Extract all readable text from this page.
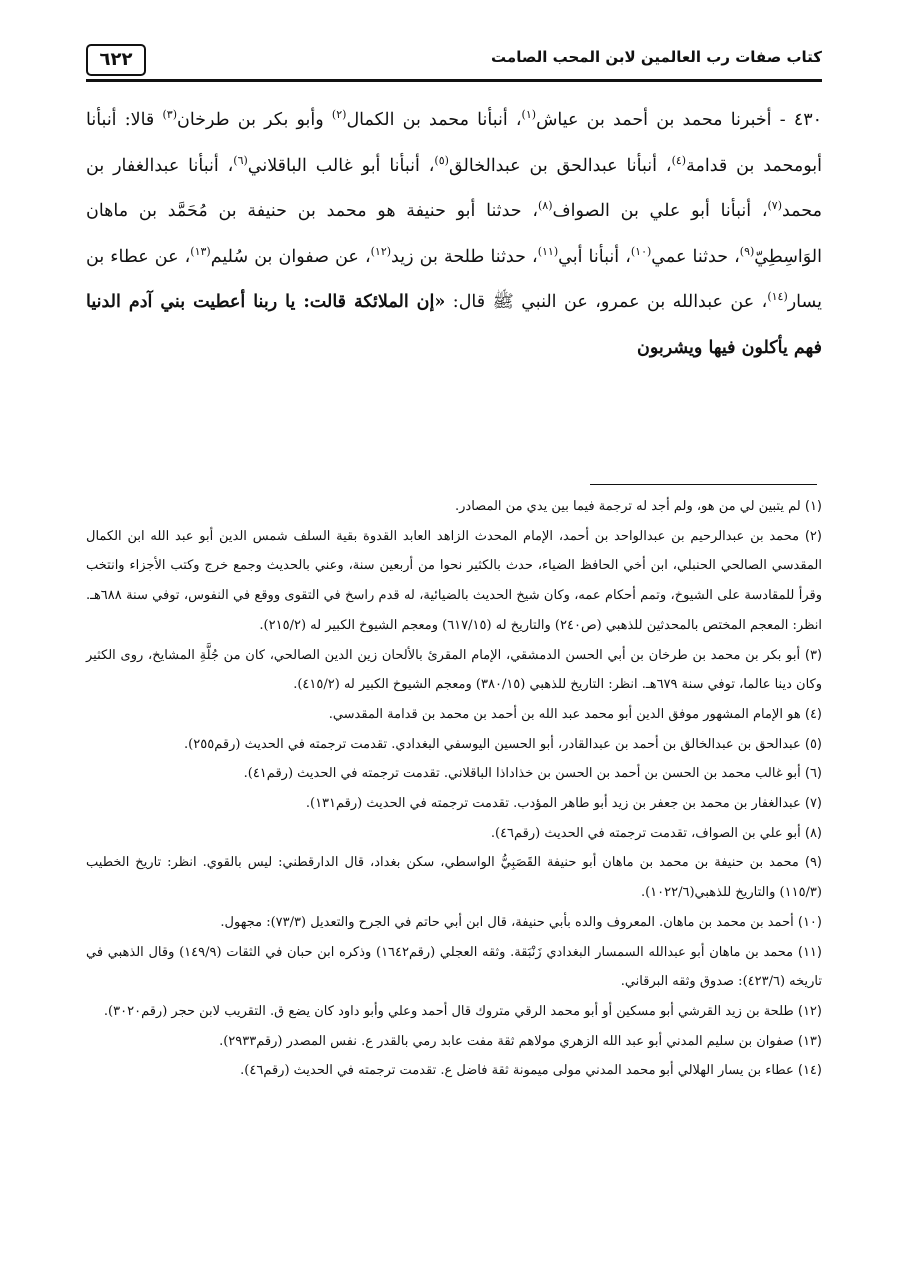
٦٢٢	كتاب صفات رب العالمين لابن المحب الصامت

٤٣٠ - أخبرنا محمد بن أحمد بن عياش$^{(١)}$، أنبأنا محمد بن الكمال$^{(٢)}$ وأبو بكر بن طرخان$^{(٣)}$ قالا: أنبأنا أبومحمد بن قدامة$^{(٤)}$، أنبأنا عبدالحق بن عبدالخالق$^{(٥)}$، أنبأنا أبو غالب الباقلاني$^{(٦)}$، أنبأنا عبدالغفار بن محمد$^{(٧)}$، أنبأنا أبو علي بن الصواف$^{(٨)}$، حدثنا أبو حنيفة هو محمد بن حنيفة بن مُحَمَّد بن ماهان الوَاسِطِيّ$^{(٩)}$، حدثنا عمي$^{(١٠)}$، أنبأنا أبي$^{(١١)}$، حدثنا طلحة بن زيد$^{(١٢)}$، عن صفوان بن سُليم$^{(١٣)}$، عن عطاء بن يسار$^{(١٤)}$، عن عبدالله بن عمرو، عن النبي ﷺ قال: «إن الملائكة قالت: يا ربنا أعطيت بني آدم الدنيا فهم يأكلون فيها ويشربون

(١) لم يتبين لي من هو، ولم أجد له ترجمة فيما بين يدي من المصادر.

(٢) محمد بن عبدالرحيم بن عبدالواحد بن أحمد، الإمام المحدث الزاهد العابد القدوة بقية السلف شمس الدين أبو عبد الله ابن الكمال المقدسي الصالحي الحنبلي، ابن أخي الحافظ الضياء، حدث بالكثير نحوا من أربعين سنة، وعني بالحديث وجمع خرج وكتب الأجزاء وانتخب وقرأ للمقادسة على الشيوخ، وتمم أحكام عمه، وكان شيخ الحديث بالضيائية، له قدم راسخ في التقوى ووقع في النفوس، توفي سنة ٦٨٨هـ. انظر: المعجم المختص بالمحدثين للذهبي (ص٢٤٠) والتاريخ له (٦١٧/١٥) ومعجم الشيوخ الكبير له (٢١٥/٢).

(٣) أبو بكر بن محمد بن طرخان بن أبي الحسن الدمشقي، الإمام المقرئ بالألحان زين الدين الصالحي، كان من جُلَّةِ المشايخ، روى الكثير وكان دينا عالما، توفي سنة ٦٧٩هـ. انظر: التاريخ للذهبي (٣٨٠/١٥) ومعجم الشيوخ الكبير له (٤١٥/٢).

(٤) هو الإمام المشهور موفق الدين أبو محمد عبد الله بن أحمد بن محمد بن قدامة المقدسي.

(٥) عبدالحق بن عبدالخالق بن أحمد بن عبدالقادر، أبو الحسين اليوسفي البغدادي. تقدمت ترجمته في الحديث (رقم٢٥٥).

(٦) أبو غالب محمد بن الحسن بن أحمد بن الحسن بن خذاداذا الباقلاني. تقدمت ترجمته في الحديث (رقم٤١).

(٧) عبدالغفار بن محمد بن جعفر بن زيد أبو طاهر المؤدب. تقدمت ترجمته في الحديث (رقم١٣١).

(٨) أبو علي بن الصواف، تقدمت ترجمته في الحديث (رقم٤٦).

(٩) محمد بن حنيفة بن محمد بن ماهان أبو حنيفة القَصَبِيُّ الواسطي، سكن بغداد، قال الدارقطني: ليس بالقوي. انظر: تاريخ الخطيب (١١٥/٣) والتاريخ للذهبي(١٠٢٢/٦).

(١٠) أحمد بن محمد بن ماهان. المعروف والده بأبي حنيفة، قال ابن أبي حاتم في الجرح والتعديل (٧٣/٣): مجهول.

(١١) محمد بن ماهان أبو عبدالله السمسار البغدادي زَنْبَقة. وثقه العجلي (رقم١٦٤٢) وذكره ابن حبان في الثقات (١٤٩/٩) وقال الذهبي في تاريخه (٤٢٣/٦): صدوق وثقه البرقاني.

(١٢) طلحة بن زيد القرشي أبو مسكين أو أبو محمد الرقي متروك قال أحمد وعلي وأبو داود كان يضع ق. التقريب لابن حجر (رقم٣٠٢٠).

(١٣) صفوان بن سليم المدني أبو عبد الله الزهري مولاهم ثقة مفت عابد رمي بالقدر ع. نفس المصدر (رقم٢٩٣٣).

(١٤) عطاء بن يسار الهلالي أبو محمد المدني مولى ميمونة ثقة فاضل ع. تقدمت ترجمته في الحديث (رقم٤٦).
